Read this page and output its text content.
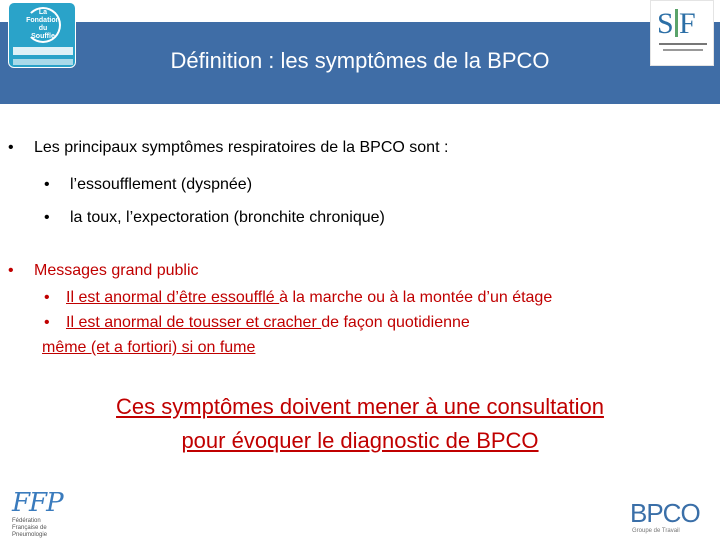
Définition : les symptômes de la BPCO
La
Fondation
du
Souffle	S F
• Les principaux symptômes respiratoires de la BPCO sont :
• l’essoufflement (dyspnée)
• la toux, l’expectoration (bronchite chronique)
• Messages grand public
• Il est anormal d’être essoufflé à la marche ou à la montée d’un étage
• Il est anormal de tousser et cracher de façon quotidienne
même (et a fortiori) si on fume
Ces symptômes doivent mener à une consultation
pour évoquer le diagnostic de BPCO
FFP
Fédération
Française de
Pneumologie
BPCO
Groupe de Travail
